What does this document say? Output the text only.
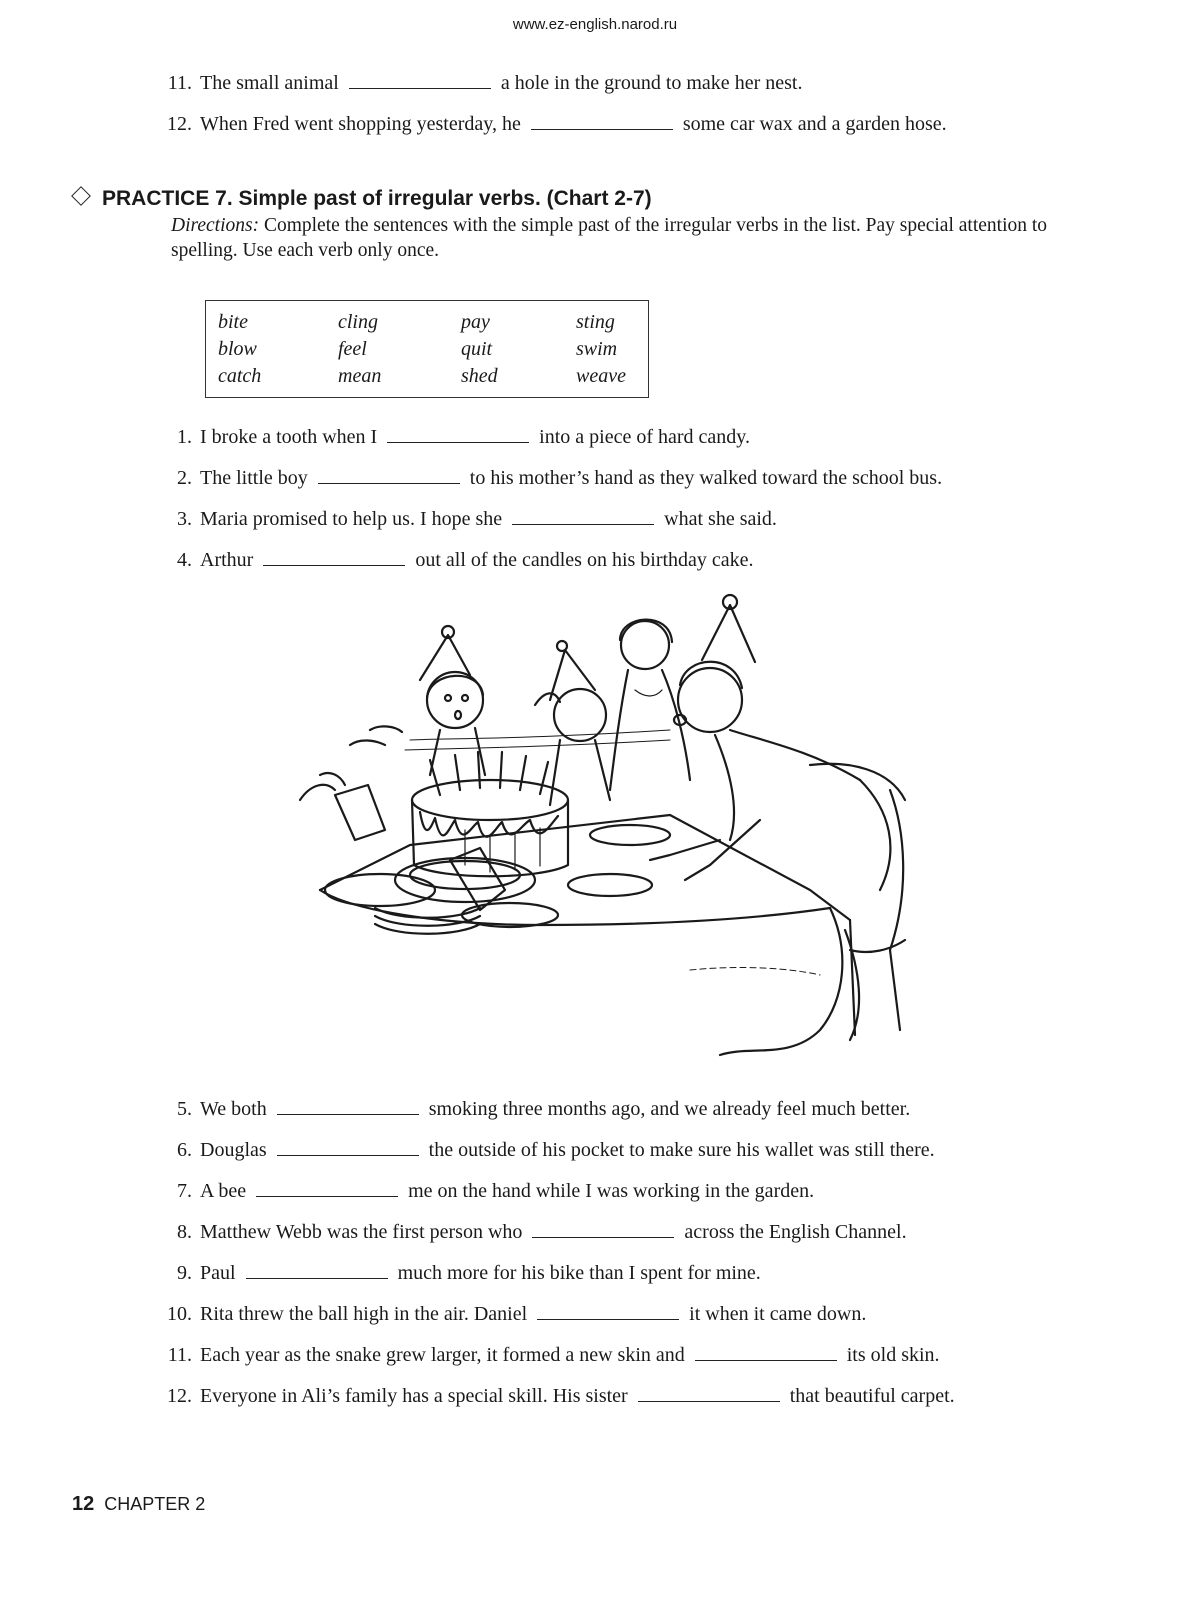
www.ez-english.narod.ru
11. The small animal	a hole in the ground to make her nest.
12. When Fred went shopping yesterday, he	some car wax and a garden hose.
PRACTICE 7. Simple past of irregular verbs. (Chart 2-7)
Directions: Complete the sentences with the simple past of the irregular verbs in the list. Pay special attention to spelling. Use each verb only once.
bite	cling	pay	sting
blow	feel	quit	swim
catch	mean	shed	weave
1. I broke a tooth when I	into a piece of hard candy.
2. The little boy	to his mother’s hand as they walked toward the school bus.
3. Maria promised to help us. I hope she	what she said.
4. Arthur	out all of the candles on his birthday cake.
5. We both	smoking three months ago, and we already feel much better.
6. Douglas	the outside of his pocket to make sure his wallet was still there.
7. A bee	me on the hand while I was working in the garden.
8. Matthew Webb was the first person who	across the English Channel.
9. Paul	much more for his bike than I spent for mine.
10. Rita threw the ball high in the air. Daniel	it when it came down.
11. Each year as the snake grew larger, it formed a new skin and	its old skin.
12. Everyone in Ali’s family has a special skill. His sister	that beautiful carpet.
12 CHAPTER 2
